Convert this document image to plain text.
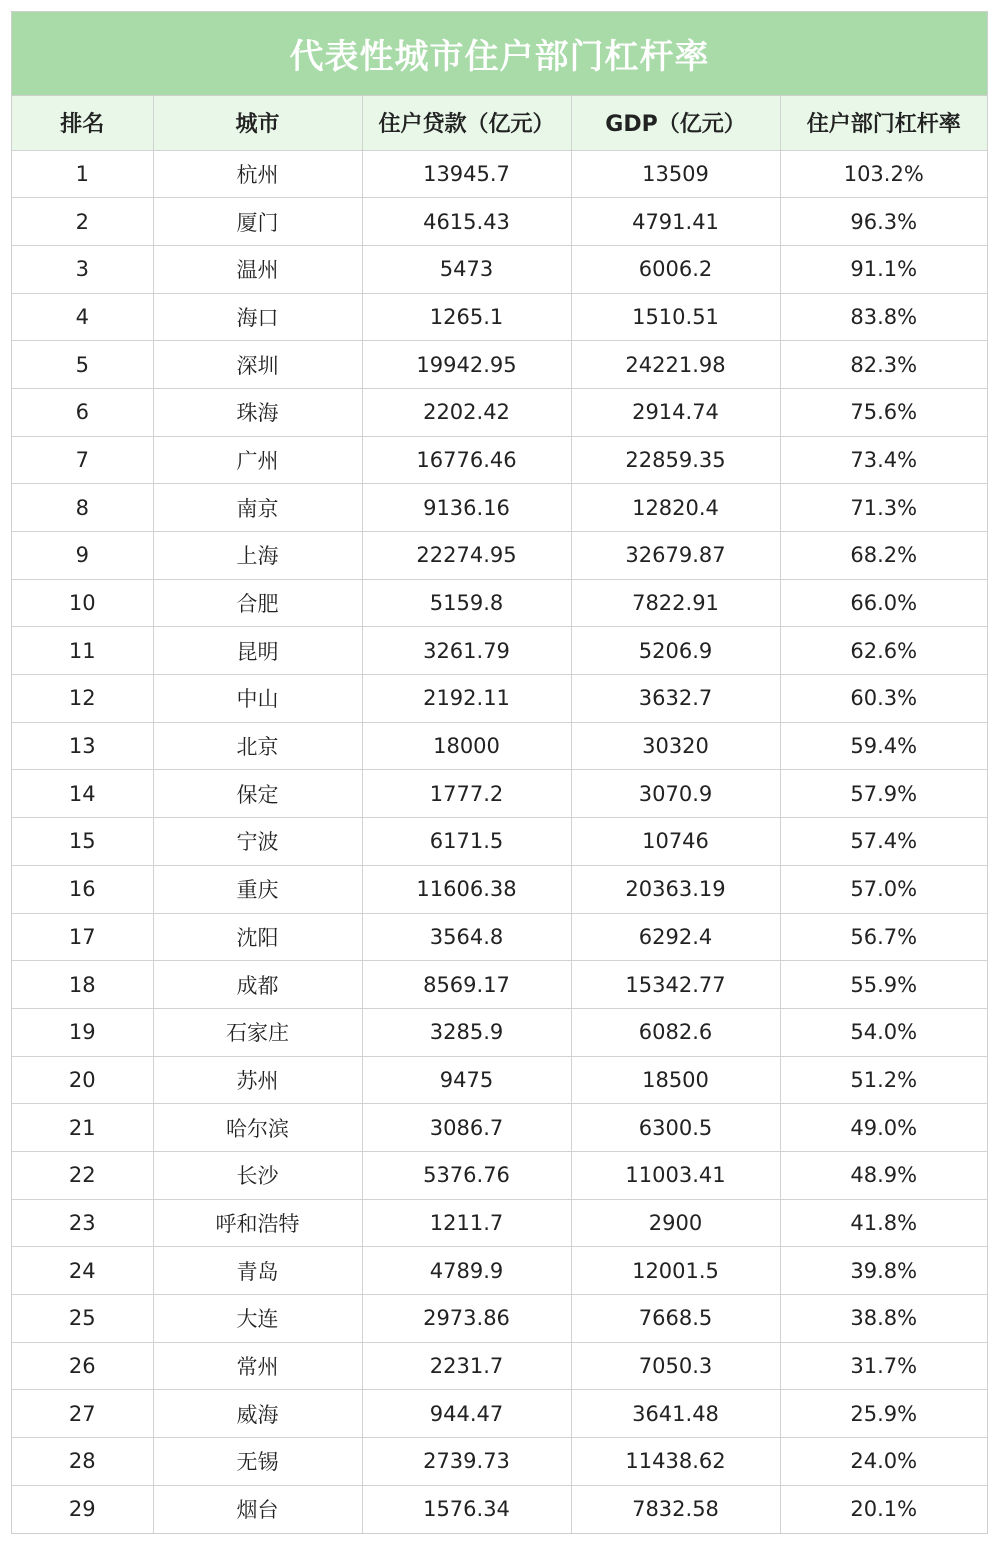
代表性城市住户部门杠杆率
排名	城市	住户贷款（亿元）	GDP（亿元）	住户部门杠杆率
1	杭州	13945.7	13509	103.2%
2	厦门	4615.43	4791.41	96.3%
3	温州	5473	6006.2	91.1%
4	海口	1265.1	1510.51	83.8%
5	深圳	19942.95	24221.98	82.3%
6	珠海	2202.42	2914.74	75.6%
7	广州	16776.46	22859.35	73.4%
8	南京	9136.16	12820.4	71.3%
9	上海	22274.95	32679.87	68.2%
10	合肥	5159.8	7822.91	66.0%
11	昆明	3261.79	5206.9	62.6%
12	中山	2192.11	3632.7	60.3%
13	北京	18000	30320	59.4%
14	保定	1777.2	3070.9	57.9%
15	宁波	6171.5	10746	57.4%
16	重庆	11606.38	20363.19	57.0%
17	沈阳	3564.8	6292.4	56.7%
18	成都	8569.17	15342.77	55.9%
19	石家庄	3285.9	6082.6	54.0%
20	苏州	9475	18500	51.2%
21	哈尔滨	3086.7	6300.5	49.0%
22	长沙	5376.76	11003.41	48.9%
23	呼和浩特	1211.7	2900	41.8%
24	青岛	4789.9	12001.5	39.8%
25	大连	2973.86	7668.5	38.8%
26	常州	2231.7	7050.3	31.7%
27	威海	944.47	3641.48	25.9%
28	无锡	2739.73	11438.62	24.0%
29	烟台	1576.34	7832.58	20.1%
